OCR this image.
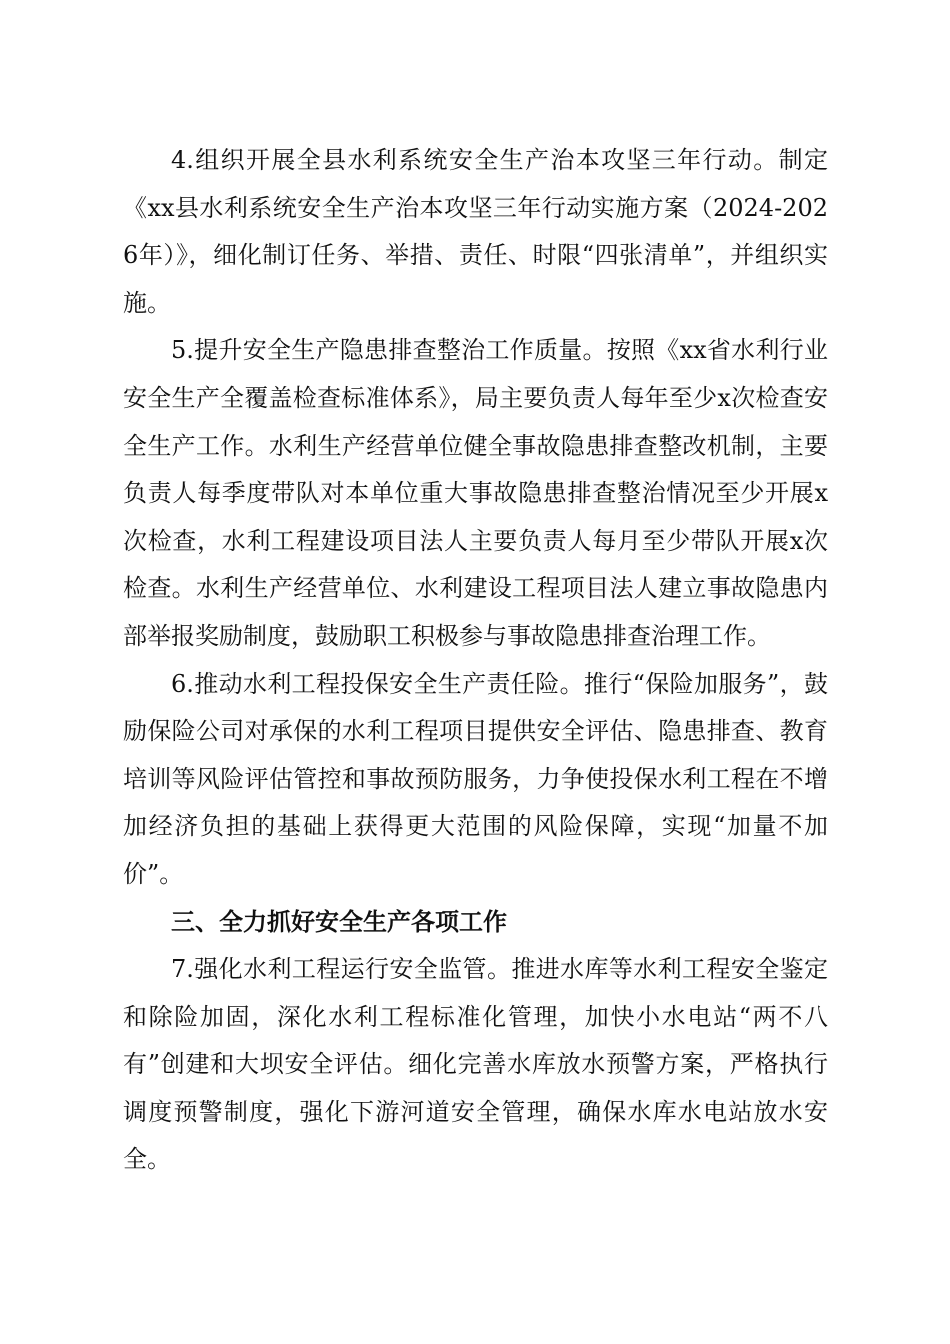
4.组织开展全县水利系统安全生产治本攻坚三年行动。制定《xx县水利系统安全生产治本攻坚三年行动实施方案（2024-2026年）》，细化制订任务、举措、责任、时限“四张清单”，并组织实施。

5.提升安全生产隐患排查整治工作质量。按照《xx省水利行业安全生产全覆盖检查标准体系》，局主要负责人每年至少x次检查安全生产工作。水利生产经营单位健全事故隐患排查整改机制，主要负责人每季度带队对本单位重大事故隐患排查整治情况至少开展x次检查，水利工程建设项目法人主要负责人每月至少带队开展x次检查。水利生产经营单位、水利建设工程项目法人建立事故隐患内部举报奖励制度，鼓励职工积极参与事故隐患排查治理工作。

6.推动水利工程投保安全生产责任险。推行“保险加服务”，鼓励保险公司对承保的水利工程项目提供安全评估、隐患排查、教育培训等风险评估管控和事故预防服务，力争使投保水利工程在不增加经济负担的基础上获得更大范围的风险保障，实现“加量不加价”。

三、全力抓好安全生产各项工作

7.强化水利工程运行安全监管。推进水库等水利工程安全鉴定和除险加固，深化水利工程标准化管理，加快小水电站“两不八有”创建和大坝安全评估。细化完善水库放水预警方案，严格执行调度预警制度，强化下游河道安全管理，确保水库水电站放水安全。
